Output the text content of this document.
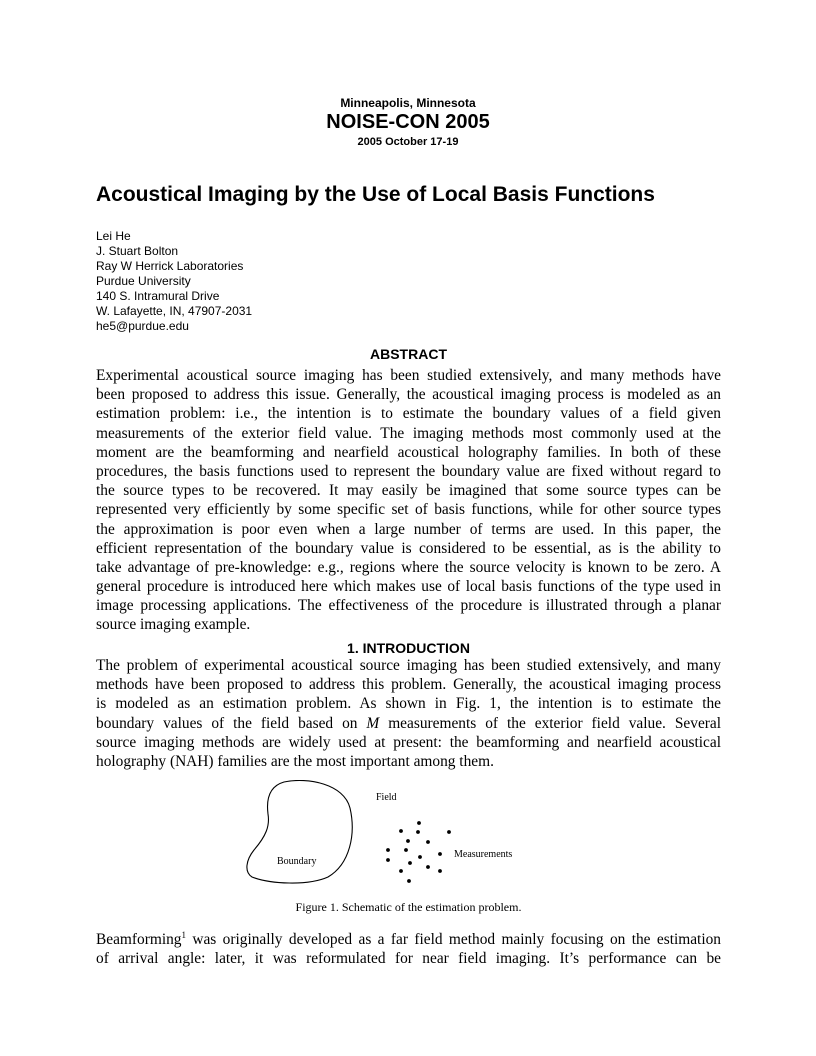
Minneapolis, Minnesota
NOISE-CON 2005
2005 October 17-19
Acoustical Imaging by the Use of Local Basis Functions
Lei He
J. Stuart Bolton
Ray W Herrick Laboratories
Purdue University
140 S. Intramural Drive
W. Lafayette, IN, 47907-2031
he5@purdue.edu
ABSTRACT
Experimental acoustical source imaging has been studied extensively, and many methods have
been proposed to address this issue. Generally, the acoustical imaging process is modeled as an
estimation problem: i.e., the intention is to estimate the boundary values of a field given
measurements of the exterior field value. The imaging methods most commonly used at the
moment are the beamforming and nearfield acoustical holography families. In both of these
procedures, the basis functions used to represent the boundary value are fixed without regard to
the source types to be recovered. It may easily be imagined that some source types can be
represented very efficiently by some specific set of basis functions, while for other source types
the approximation is poor even when a large number of terms are used. In this paper, the
efficient representation of the boundary value is considered to be essential, as is the ability to
take advantage of pre-knowledge: e.g., regions where the source velocity is known to be zero. A
general procedure is introduced here which makes use of local basis functions of the type used in
image processing applications. The effectiveness of the procedure is illustrated through a planar
source imaging example.
1. INTRODUCTION
The problem of experimental acoustical source imaging has been studied extensively, and many
methods have been proposed to address this problem. Generally, the acoustical imaging process
is modeled as an estimation problem. As shown in Fig. 1, the intention is to estimate the
boundary values of the field based on M measurements of the exterior field value. Several
source imaging methods are widely used at present: the beamforming and nearfield acoustical
holography (NAH) families are the most important among them.
Field
Boundary
Measurements
Figure 1. Schematic of the estimation problem.
Beamforming$^1$ was originally developed as a far field method mainly focusing on the estimation
of arrival angle: later, it was reformulated for near field imaging. It’s performance can be
